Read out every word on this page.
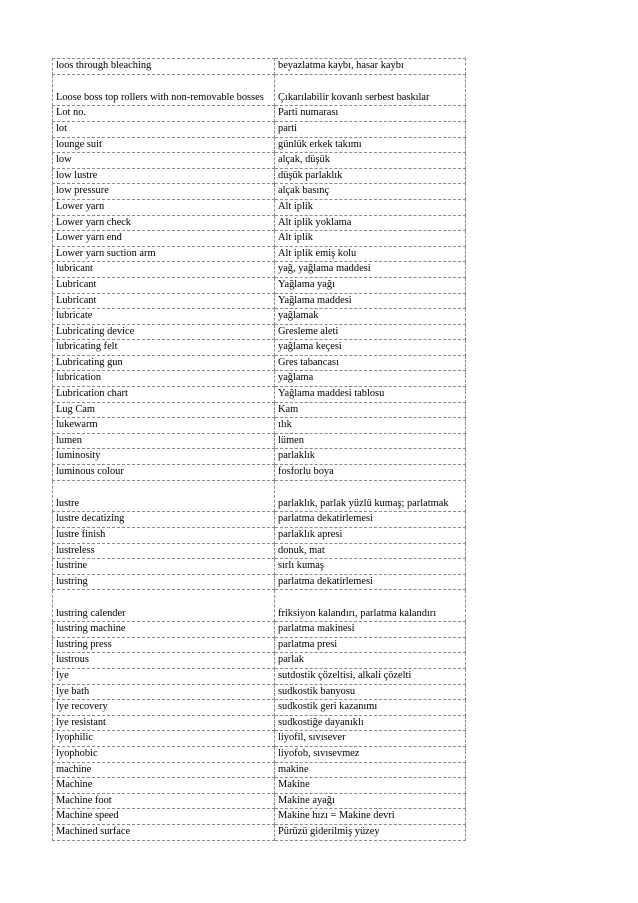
loos through bleaching	beyazlatma kaybı, hasar kaybı

Loose boss top rollers with non-removable bosses	Çıkarılabilir kovanlı serbest baskılar

Lot no.	Parti numarası

lot	parti

lounge suit	günlük erkek takımı

low	alçak, düşük

low lustre	düşük parlaklık

low pressure	alçak basınç

Lower yarn	Alt iplik

Lower yarn check	Alt iplik yoklama

Lower yarn end	Alt iplik

Lower yarn suction arm	Alt iplik emiş kolu

lubricant	yağ, yağlama maddesi

Lubricant	Yağlama yağı

Lubricant	Yağlama maddesi

lubricate	yağlamak

Lubricating device	Gresleme aleti

lubricating felt	yağlama keçesi

Lubricating gun	Gres tabancası

lubrication	yağlama

Lubrication chart	Yağlama maddesi tablosu

Lug Cam	Kam

lukewarm	ılık

lumen	lümen

luminosity	parlaklık

luminous colour	fosforlu boya

lustre	parlaklık, parlak yüzlü kumaş; parlatmak

lustre decatizing	parlatma dekatirlemesi

lustre finish	parlaklık apresi

lustreless	donuk, mat

lustrine	sırlı kumaş

lustring	parlatma dekatirlemesi

lustring calender	friksiyon kalandırı, parlatma kalandırı

lustring machine	parlatma makinesi

lustring press	parlatma presi

lustrous	parlak

lye	sutdostik çözeltisi, alkali çözelti

lye bath	sudkostik banyosu

lye recovery	sudkostik geri kazanımı

lye resistant	sudkostiğe dayanıklı

lyophilic	liyofil, sıvısever

lyophobic	liyofob, sıvısevmez

machine	makine

Machine	Makine

Machine foot	Makine ayağı

Machine speed	Makine hızı = Makine devri

Machined surface	Pürüzü giderilmiş yüzey
